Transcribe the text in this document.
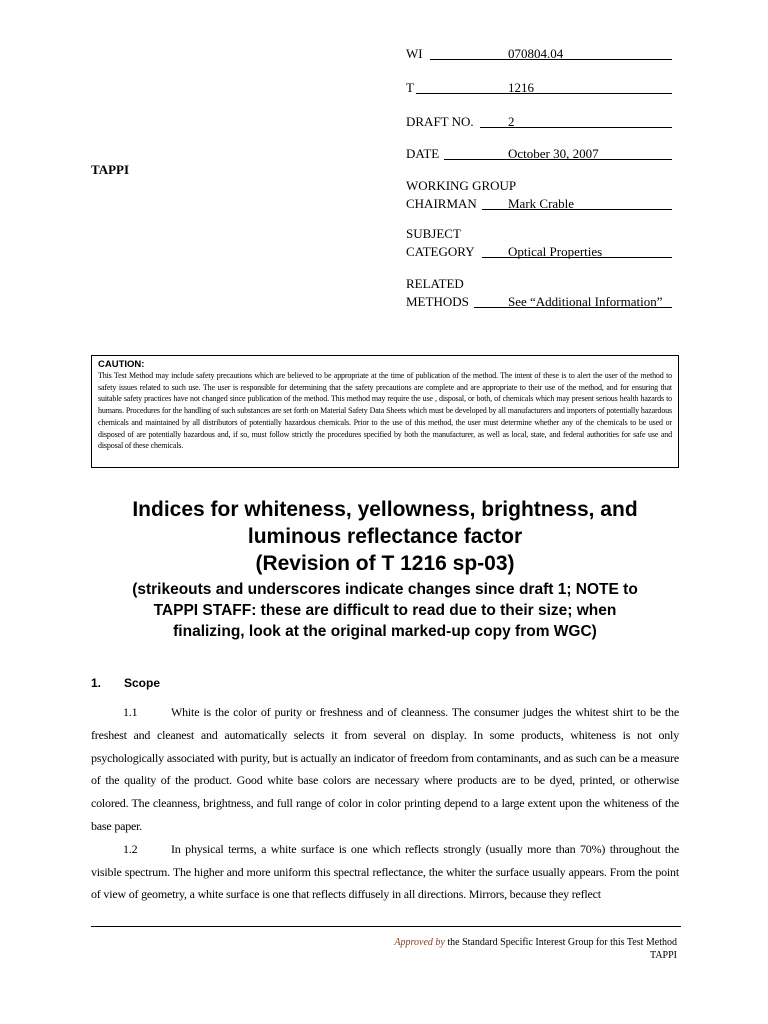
TAPPI
WI	070804.04
T	1216
DRAFT NO.	2
DATE	October 30, 2007
WORKING GROUP
CHAIRMAN Mark Crable
SUBJECT
CATEGORY	Optical Properties
RELATED
METHODS	See “Additional Information”
CAUTION:
This Test Method may include safety precautions which are believed to be appropriate at the time of publication of the method. The intent of these is to alert the user of the method to safety issues related to such use. The user is responsible for determining that the safety precautions are complete and are appropriate to their use of the method, and for ensuring that suitable safety practices have not changed since publication of the method. This method may require the use , disposal, or both, of chemicals which may present serious health hazards to humans. Procedures for the handling of such substances are set forth on Material Safety Data Sheets which must be developed by all manufacturers and importers of potentially hazardous chemicals and maintained by all distributors of potentially hazardous chemicals. Prior to the use of this method, the user must determine whether any of the chemicals to be used or disposed of are potentially hazardous and, if so, must follow strictly the procedures specified by both the manufacturer, as well as local, state, and federal authorities for safe use and disposal of these chemicals.
Indices for whiteness, yellowness, brightness, and
luminous reflectance factor
(Revision of T 1216 sp-03)
(strikeouts and underscores indicate changes since draft 1; NOTE to
TAPPI STAFF: these are difficult to read due to their size; when
finalizing, look at the original marked-up copy from WGC)
1. Scope

1.1	White is the color of purity or freshness and of cleanness. The consumer judges the whitest shirt to be the freshest and cleanest and automatically selects it from several on display. In some products, whiteness is not only psychologically associated with purity, but is actually an indicator of freedom from contaminants, and as such can be a measure of the quality of the product. Good white base colors are necessary where products are to be dyed, printed, or otherwise colored. The cleanness, brightness, and full range of color in color printing depend to a large extent upon the whiteness of the base paper.

1.2	In physical terms, a white surface is one which reflects strongly (usually more than 70%) throughout the visible spectrum. The higher and more uniform this spectral reflectance, the whiter the surface usually appears. From the point of view of geometry, a white surface is one that reflects diffusely in all directions. Mirrors, because they reflect

Approved by the Standard Specific Interest Group for this Test Method
TAPPI
